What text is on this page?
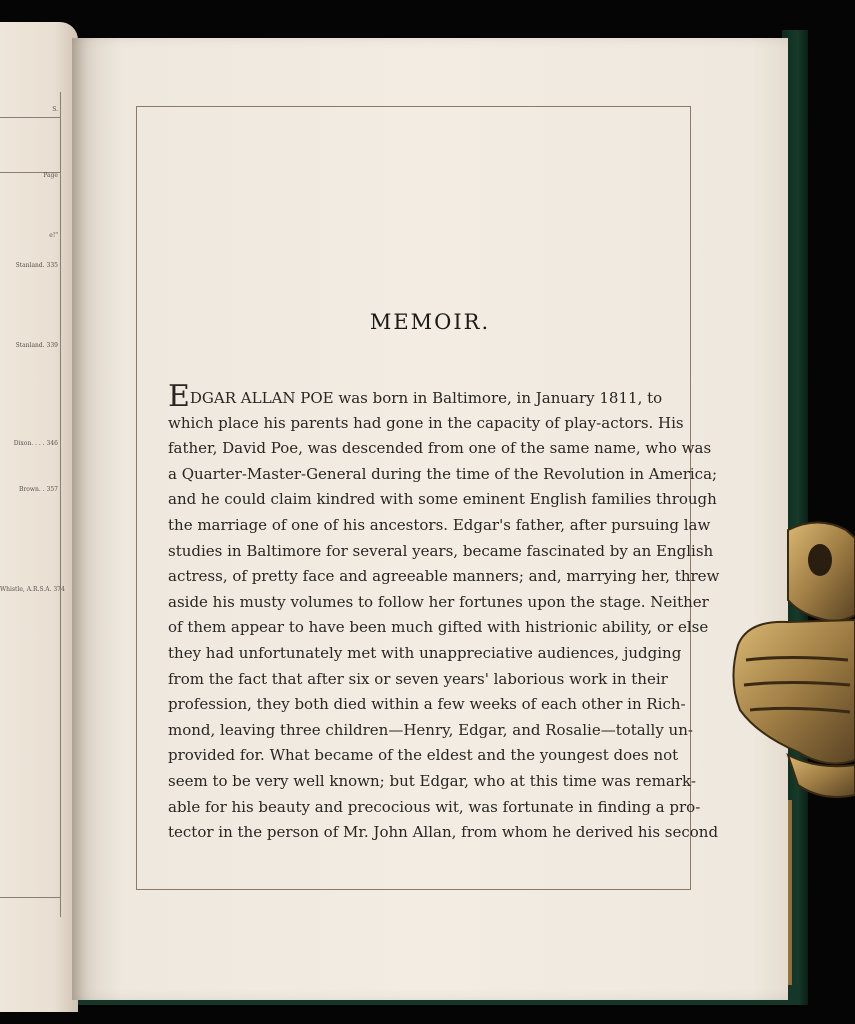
S.
Page
e!"
Stanland. 335
Stanland. 339
Dixon. . . . 346
Brown. . 357
Whistle, A.R.S.A. 374
MEMOIR.
EDGAR ALLAN POE was born in Baltimore, in January 1811, to
which place his parents had gone in the capacity of play-actors. His
father, David Poe, was descended from one of the same name, who was
a Quarter-Master-General during the time of the Revolution in America;
and he could claim kindred with some eminent English families through
the marriage of one of his ancestors. Edgar's father, after pursuing law
studies in Baltimore for several years, became fascinated by an English
actress, of pretty face and agreeable manners; and, marrying her, threw
aside his musty volumes to follow her fortunes upon the stage. Neither
of them appear to have been much gifted with histrionic ability, or else
they had unfortunately met with unappreciative audiences, judging
from the fact that after six or seven years' laborious work in their
profession, they both died within a few weeks of each other in Rich-
mond, leaving three children—Henry, Edgar, and Rosalie—totally un-
provided for. What became of the eldest and the youngest does not
seem to be very well known; but Edgar, who at this time was remark-
able for his beauty and precocious wit, was fortunate in finding a pro-
tector in the person of Mr. John Allan, from whom he derived his second
